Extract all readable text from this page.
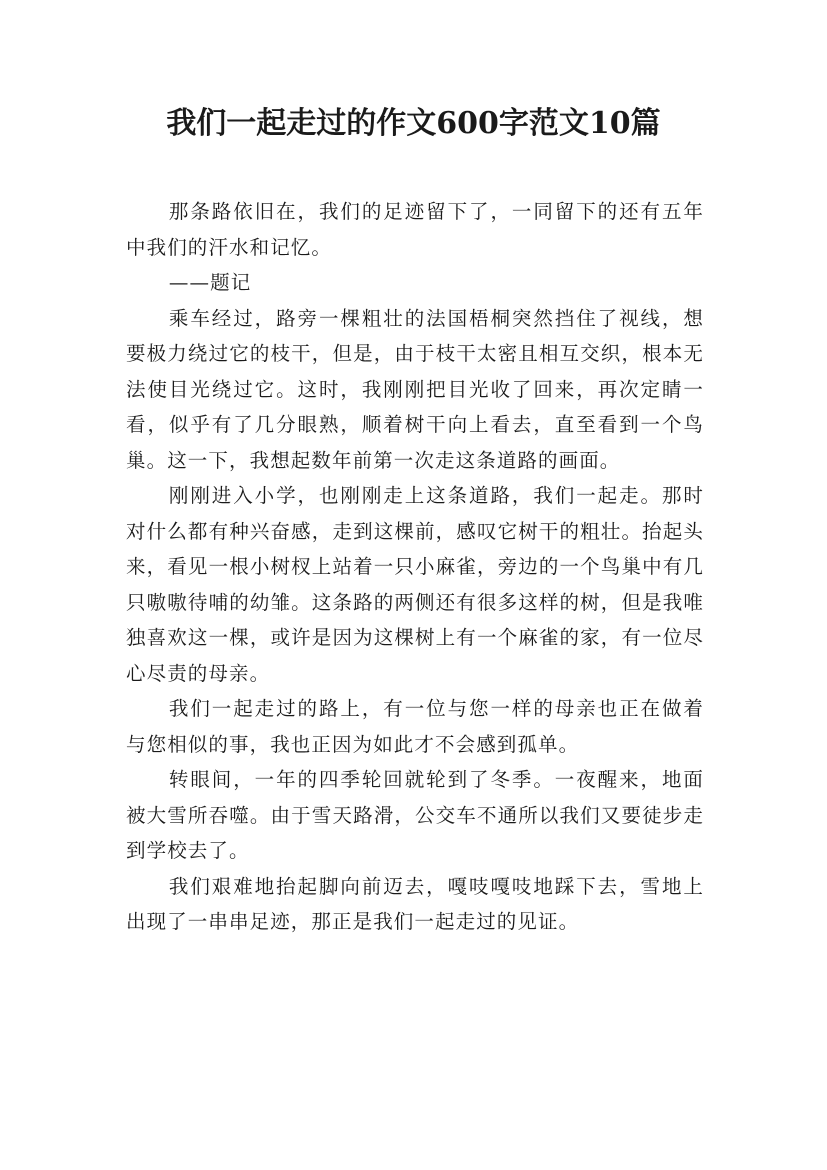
我们一起走过的作文600字范文10篇

那条路依旧在，我们的足迹留下了，一同留下的还有五年中我们的汗水和记忆。

——题记

乘车经过，路旁一棵粗壮的法国梧桐突然挡住了视线，想要极力绕过它的枝干，但是，由于枝干太密且相互交织，根本无法使目光绕过它。这时，我刚刚把目光收了回来，再次定睛一看，似乎有了几分眼熟，顺着树干向上看去，直至看到一个鸟巢。这一下，我想起数年前第一次走这条道路的画面。

刚刚进入小学，也刚刚走上这条道路，我们一起走。那时对什么都有种兴奋感，走到这棵前，感叹它树干的粗壮。抬起头来，看见一根小树杈上站着一只小麻雀，旁边的一个鸟巢中有几只嗷嗷待哺的幼雏。这条路的两侧还有很多这样的树，但是我唯独喜欢这一棵，或许是因为这棵树上有一个麻雀的家，有一位尽心尽责的母亲。

我们一起走过的路上，有一位与您一样的母亲也正在做着与您相似的事，我也正因为如此才不会感到孤单。

转眼间，一年的四季轮回就轮到了冬季。一夜醒来，地面被大雪所吞噬。由于雪天路滑，公交车不通所以我们又要徒步走到学校去了。

我们艰难地抬起脚向前迈去，嘎吱嘎吱地踩下去，雪地上出现了一串串足迹，那正是我们一起走过的见证。
